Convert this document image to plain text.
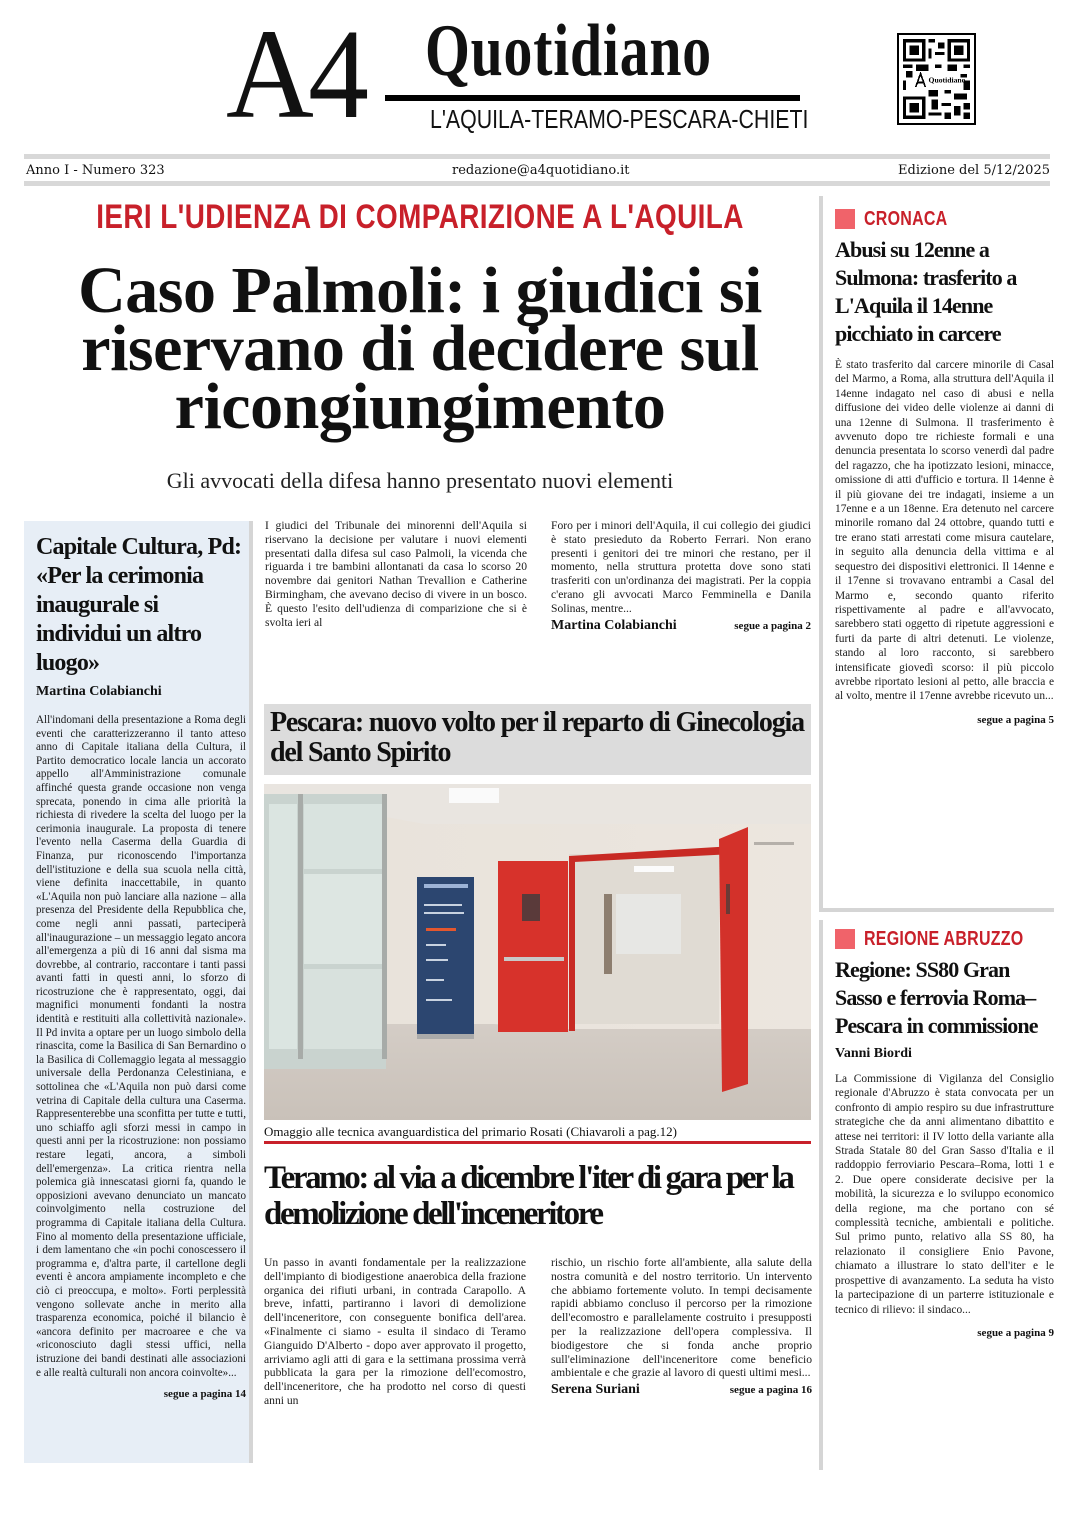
A4 Quotidiano
L'AQUILA-TERAMO-PESCARA-CHIETI
Quotidiano
Anno I - Numero 323	redazione@a4quotidiano.it	Edizione del 5/12/2025
IERI L'UDIENZA DI COMPARIZIONE A L'AQUILA
Caso Palmoli: i giudici si riservano di decidere sul ricongiungimento
Gli avvocati della difesa hanno presentato nuovi elementi
I giudici del Tribunale dei minorenni dell'Aquila si riservano la decisione per valutare i nuovi elementi presentati dalla difesa sul caso Palmoli, la vicenda che riguarda i tre bambini allontanati da casa lo scorso 20 novembre dai genitori Nathan Trevallion e Catherine Birmingham, che avevano deciso di vivere in un bosco. È questo l'esito dell'udienza di comparizione che si è svolta ieri al
Foro per i minori dell'Aquila, il cui collegio dei giudici è stato presieduto da Roberto Ferrari. Non erano presenti i genitori dei tre minori che restano, per il momento, nella struttura protetta dove sono stati trasferiti con un'ordinanza dei magistrati. Per la coppia c'erano gli avvocati Marco Femminella e Danila Solinas, mentre...
Martina Colabianchi	segue a pagina 2
Capitale Cultura, Pd: «Per la cerimonia inaugurale si individui un altro luogo»
Martina Colabianchi
All'indomani della presentazione a Roma degli eventi che caratterizzeranno il tanto atteso anno di Capitale italiana della Cultura, il Partito democratico locale lancia un accorato appello all'Amministrazione comunale affinché questa grande occasione non venga sprecata, ponendo in cima alle priorità la richiesta di rivedere la scelta del luogo per la cerimonia inaugurale. La proposta di tenere l'evento nella Caserma della Guardia di Finanza, pur riconoscendo l'importanza dell'istituzione e della sua scuola nella città, viene definita inaccettabile, in quanto «L'Aquila non può lanciare alla nazione – alla presenza del Presidente della Repubblica che, come negli anni passati, parteciperà all'inaugurazione – un messaggio legato ancora all'emergenza a più di 16 anni dal sisma ma dovrebbe, al contrario, raccontare i tanti passi avanti fatti in questi anni, lo sforzo di ricostruzione che è rappresentato, oggi, dai magnifici monumenti fondanti la nostra identità e restituiti alla collettività nazionale». Il Pd invita a optare per un luogo simbolo della rinascita, come la Basilica di San Bernardino o la Basilica di Collemaggio legata al messaggio universale della Perdonanza Celestiniana, e sottolinea che «L'Aquila non può darsi come vetrina di Capitale della cultura una Caserma. Rappresenterebbe una sconfitta per tutte e tutti, uno schiaffo agli sforzi messi in campo in questi anni per la ricostruzione: non possiamo restare legati, ancora, a simboli dell'emergenza». La critica rientra nella polemica già innescatasi giorni fa, quando le opposizioni avevano denunciato un mancato coinvolgimento nella costruzione del programma di Capitale italiana della Cultura. Fino al momento della presentazione ufficiale, i dem lamentano che «in pochi conoscessero il programma e, d'altra parte, il cartellone degli eventi è ancora ampiamente incompleto e che ciò ci preoccupa, e molto». Forti perplessità vengono sollevate anche in merito alla trasparenza economica, poiché il bilancio è «ancora definito per macroaree e che va «riconosciuto dagli stessi uffici, nella istruzione dei bandi destinati alle associazioni e alle realtà culturali non ancora coinvolte»...
segue a pagina 14
Pescara: nuovo volto per il reparto di Ginecologia del Santo Spirito
Omaggio alle tecnica avanguardistica del primario Rosati (Chiavaroli a pag.12)
Teramo: al via a dicembre l'iter di gara per la demolizione dell'inceneritore
Un passo in avanti fondamentale per la realizzazione dell'impianto di biodigestione anaerobica della frazione organica dei rifiuti urbani, in contrada Carapollo. A breve, infatti, partiranno i lavori di demolizione dell'inceneritore, con conseguente bonifica dell'area. «Finalmente ci siamo - esulta il sindaco di Teramo Gianguido D'Alberto - dopo aver approvato il progetto, arriviamo agli atti di gara e la settimana prossima verrà pubblicata la gara per la rimozione dell'ecomostro, dell'inceneritore, che ha prodotto nel corso di questi anni un
rischio, un rischio forte all'ambiente, alla salute della nostra comunità e del nostro territorio. Un intervento che abbiamo fortemente voluto. In tempi decisamente rapidi abbiamo concluso il percorso per la rimozione dell'ecomostro e parallelamente costruito i presupposti per la realizzazione dell'opera complessiva. Il biodigestore che si fonda anche proprio sull'eliminazione dell'inceneritore come beneficio ambientale e che grazie al lavoro di questi ultimi mesi...
Serena Suriani	segue a pagina 16
CRONACA
Abusi su 12enne a Sulmona: trasferito a L'Aquila il 14enne picchiato in carcere
È stato trasferito dal carcere minorile di Casal del Marmo, a Roma, alla struttura dell'Aquila il 14enne indagato nel caso di abusi e nella diffusione dei video delle violenze ai danni di una 12enne di Sulmona. Il trasferimento è avvenuto dopo tre richieste formali e una denuncia presentata lo scorso venerdì dal padre del ragazzo, che ha ipotizzato lesioni, minacce, omissione di atti d'ufficio e tortura. Il 14enne è il più giovane dei tre indagati, insieme a un 17enne e a un 18enne. Era detenuto nel carcere minorile romano dal 24 ottobre, quando tutti e tre erano stati arrestati come misura cautelare, in seguito alla denuncia della vittima e al sequestro dei dispositivi elettronici. Il 14enne e il 17enne si trovavano entrambi a Casal del Marmo e, secondo quanto riferito rispettivamente al padre e all'avvocato, sarebbero stati oggetto di ripetute aggressioni e furti da parte di altri detenuti. Le violenze, stando al loro racconto, si sarebbero intensificate giovedì scorso: il più piccolo avrebbe riportato lesioni al petto, alle braccia e al volto, mentre il 17enne avrebbe ricevuto un...
segue a pagina 5
REGIONE ABRUZZO
Regione: SS80 Gran Sasso e ferrovia Roma–Pescara in commissione
Vanni Biordi
La Commissione di Vigilanza del Consiglio regionale d'Abruzzo è stata convocata per un confronto di ampio respiro su due infrastrutture strategiche che da anni alimentano dibattito e attese nei territori: il IV lotto della variante alla Strada Statale 80 del Gran Sasso d'Italia e il raddoppio ferroviario Pescara–Roma, lotti 1 e 2. Due opere considerate decisive per la mobilità, la sicurezza e lo sviluppo economico della regione, ma che portano con sé complessità tecniche, ambientali e politiche. Sul primo punto, relativo alla SS 80, ha relazionato il consigliere Enio Pavone, chiamato a illustrare lo stato dell'iter e le prospettive di avanzamento. La seduta ha visto la partecipazione di un parterre istituzionale e tecnico di rilievo: il sindaco...
segue a pagina 9
